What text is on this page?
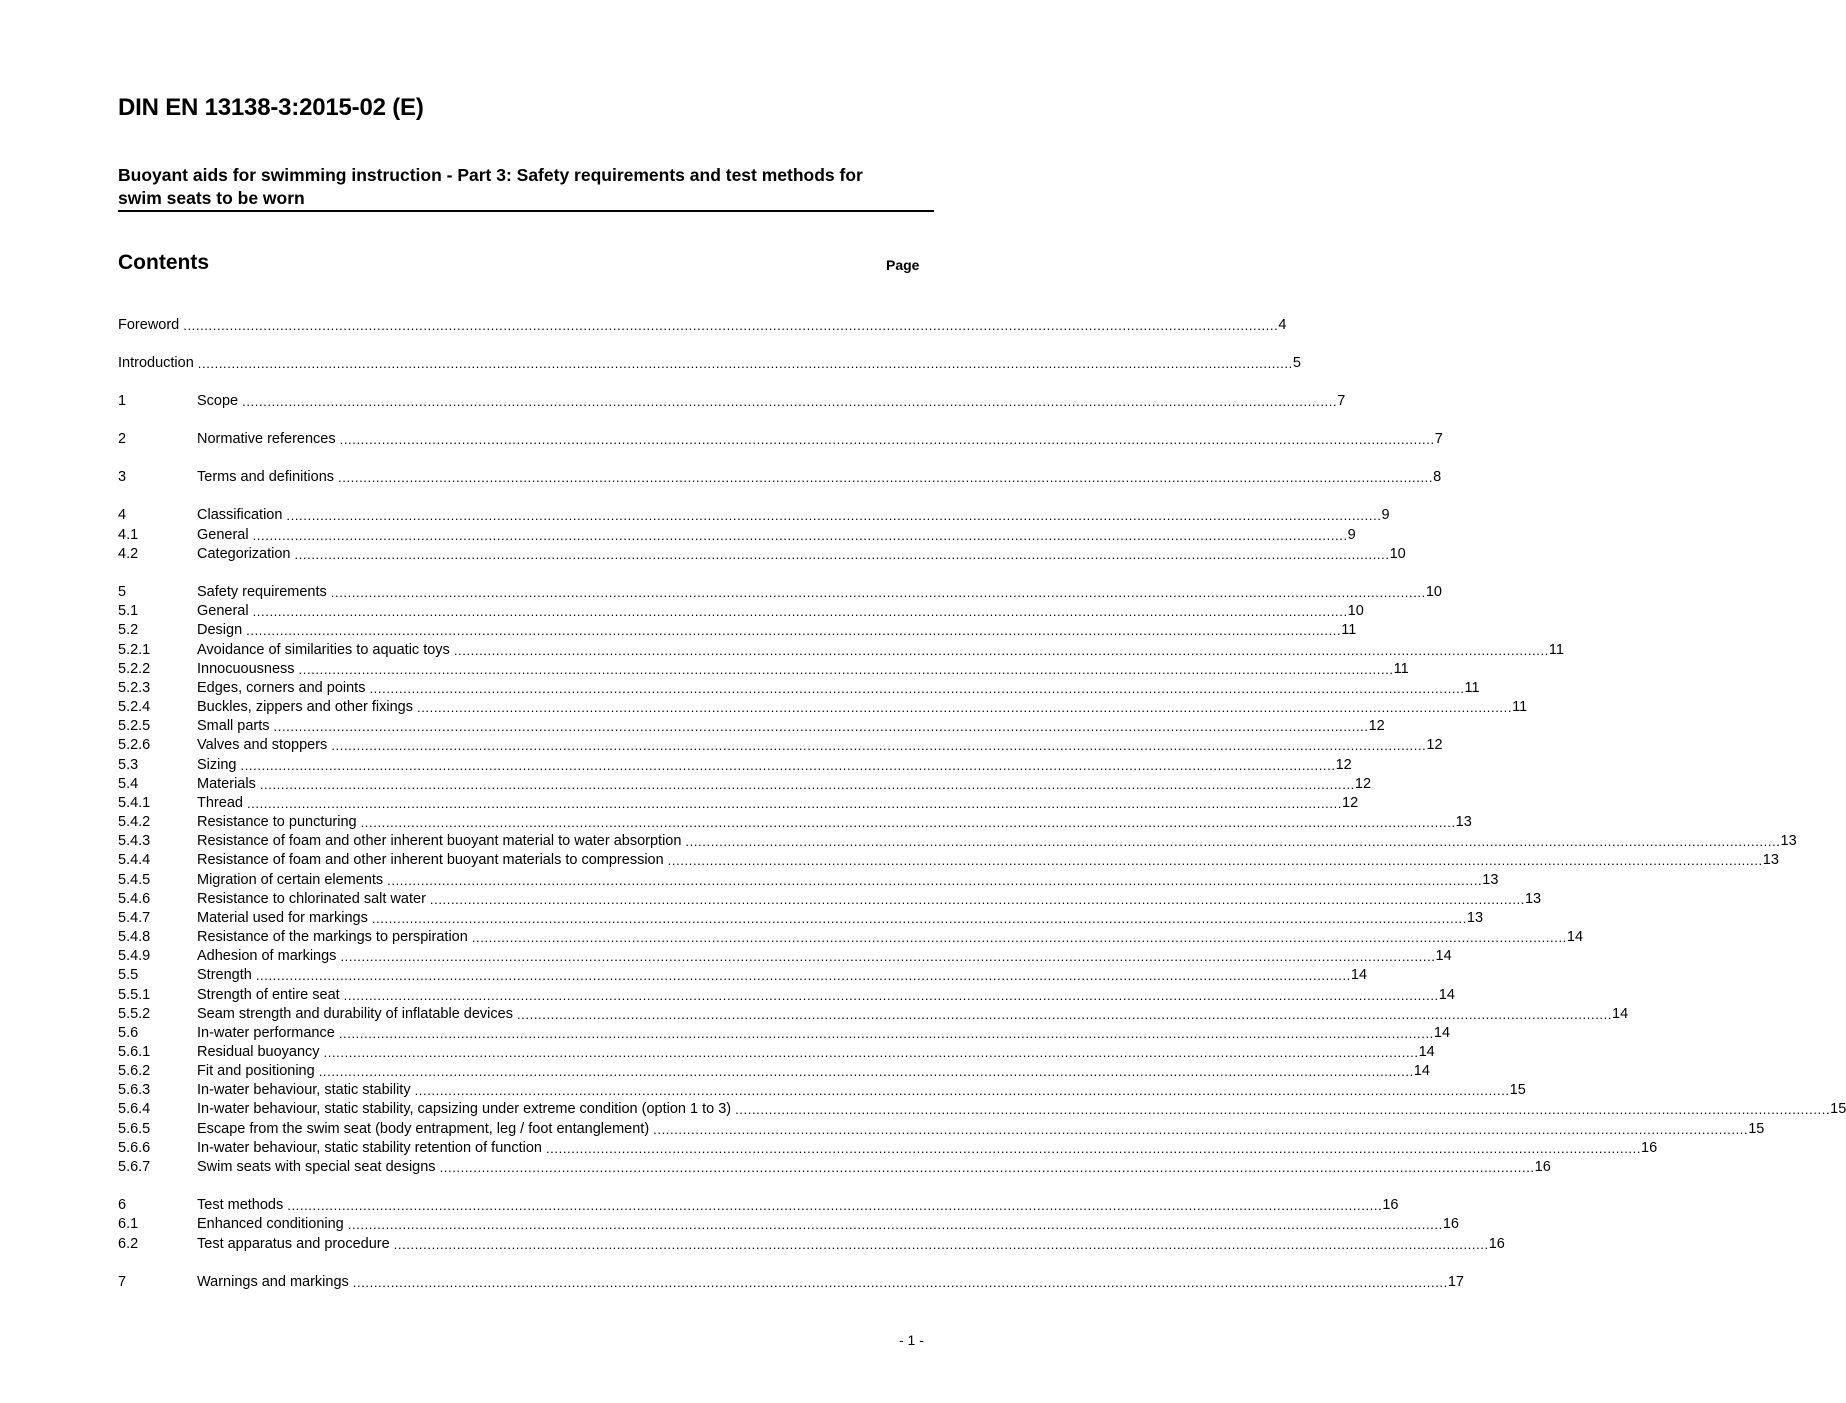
DIN EN 13138-3:2015-02 (E)
Buoyant aids for swimming instruction - Part 3: Safety requirements and test methods for swim seats to be worn
Contents	Page
Foreword .................................................................................................................................................................................................................................................................... 4
Introduction .................................................................................................................................................................................................................................................................... 5
1	Scope .................................................................................................................................................................................................................................................................... 7
2	Normative references .................................................................................................................................................................................................................................................................... 7
3	Terms and definitions .................................................................................................................................................................................................................................................................... 8
4	Classification .................................................................................................................................................................................................................................................................... 9
4.1	General .................................................................................................................................................................................................................................................................... 9
4.2	Categorization .................................................................................................................................................................................................................................................................... 10
5	Safety requirements .................................................................................................................................................................................................................................................................... 10
5.1	General .................................................................................................................................................................................................................................................................... 10
5.2	Design .................................................................................................................................................................................................................................................................... 11
5.2.1	Avoidance of similarities to aquatic toys .................................................................................................................................................................................................................................................................... 11
5.2.2	Innocuousness .................................................................................................................................................................................................................................................................... 11
5.2.3	Edges, corners and points .................................................................................................................................................................................................................................................................... 11
5.2.4	Buckles, zippers and other fixings .................................................................................................................................................................................................................................................................... 11
5.2.5	Small parts .................................................................................................................................................................................................................................................................... 12
5.2.6	Valves and stoppers .................................................................................................................................................................................................................................................................... 12
5.3	Sizing .................................................................................................................................................................................................................................................................... 12
5.4	Materials .................................................................................................................................................................................................................................................................... 12
5.4.1	Thread .................................................................................................................................................................................................................................................................... 12
5.4.2	Resistance to puncturing .................................................................................................................................................................................................................................................................... 13
5.4.3	Resistance of foam and other inherent buoyant material to water absorption .................................................................................................................................................................................................................................................................... 13
5.4.4	Resistance of foam and other inherent buoyant materials to compression .................................................................................................................................................................................................................................................................... 13
5.4.5	Migration of certain elements .................................................................................................................................................................................................................................................................... 13
5.4.6	Resistance to chlorinated salt water .................................................................................................................................................................................................................................................................... 13
5.4.7	Material used for markings .................................................................................................................................................................................................................................................................... 13
5.4.8	Resistance of the markings to perspiration .................................................................................................................................................................................................................................................................... 14
5.4.9	Adhesion of markings .................................................................................................................................................................................................................................................................... 14
5.5	Strength .................................................................................................................................................................................................................................................................... 14
5.5.1	Strength of entire seat .................................................................................................................................................................................................................................................................... 14
5.5.2	Seam strength and durability of inflatable devices .................................................................................................................................................................................................................................................................... 14
5.6	In-water performance .................................................................................................................................................................................................................................................................... 14
5.6.1	Residual buoyancy .................................................................................................................................................................................................................................................................... 14
5.6.2	Fit and positioning .................................................................................................................................................................................................................................................................... 14
5.6.3	In-water behaviour, static stability .................................................................................................................................................................................................................................................................... 15
5.6.4	In-water behaviour, static stability, capsizing under extreme condition (option 1 to 3) .................................................................................................................................................................................................................................................................... 15
5.6.5	Escape from the swim seat (body entrapment, leg / foot entanglement) .................................................................................................................................................................................................................................................................... 15
5.6.6	In-water behaviour, static stability retention of function .................................................................................................................................................................................................................................................................... 16
5.6.7	Swim seats with special seat designs .................................................................................................................................................................................................................................................................... 16
6	Test methods .................................................................................................................................................................................................................................................................... 16
6.1	Enhanced conditioning .................................................................................................................................................................................................................................................................... 16
6.2	Test apparatus and procedure .................................................................................................................................................................................................................................................................... 16
7	Warnings and markings .................................................................................................................................................................................................................................................................... 17
- 1 -
